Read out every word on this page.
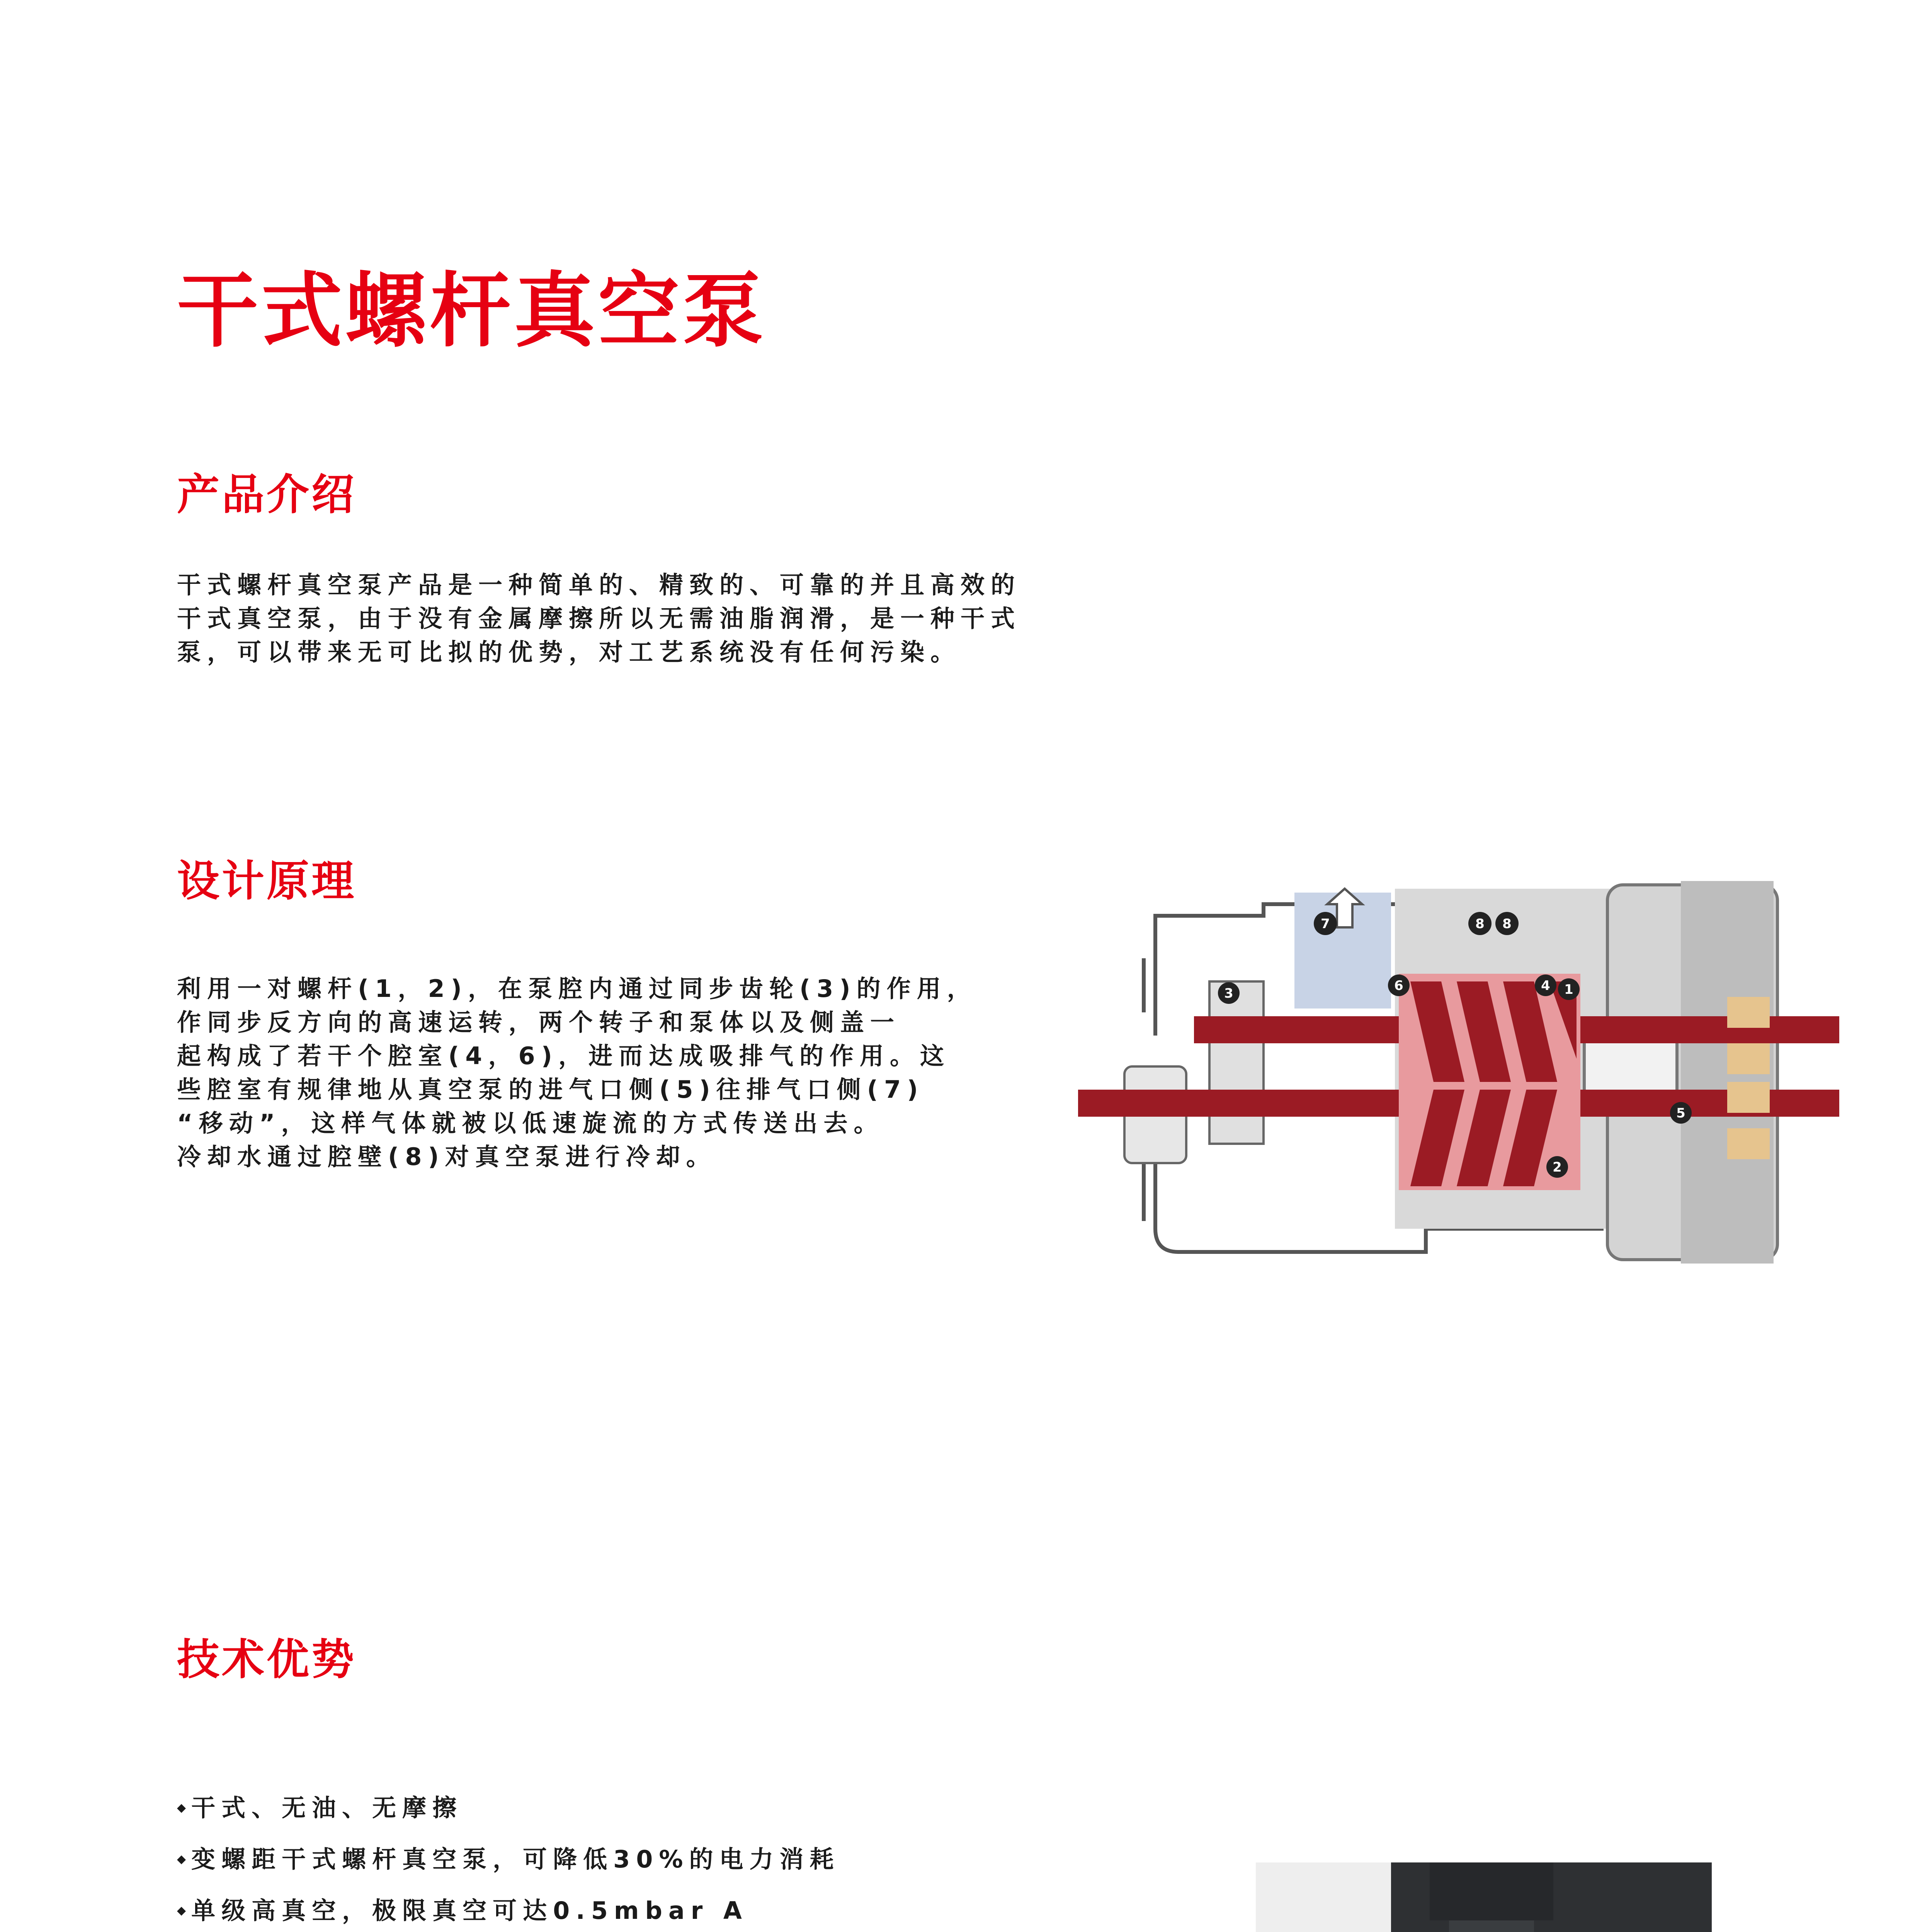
干式螺杆真空泵
产品介绍
干式螺杆真空泵产品是一种简单的、精致的、可靠的并且高效的
干式真空泵，由于没有金属摩擦所以无需油脂润滑，是一种干式
泵，可以带来无可比拟的优势，对工艺系统没有任何污染。
设计原理
利用一对螺杆(1，2)，在泵腔内通过同步齿轮(3)的作用，
作同步反方向的高速运转，两个转子和泵体以及侧盖一
起构成了若干个腔室(4，6)，进而达成吸排气的作用。这
些腔室有规律地从真空泵的进气口侧(5)往排气口侧(7)
“移动”，这样气体就被以低速旋流的方式传送出去。
冷却水通过腔壁(8)对真空泵进行冷却。
7	8 8
3	6	4 1
2
5
技术优势
◆ 干式、无油、无摩擦
◆ 变螺距干式螺杆真空泵，可降低30%的电力消耗
◆ 单级高真空，极限真空可达0.5mbar A
